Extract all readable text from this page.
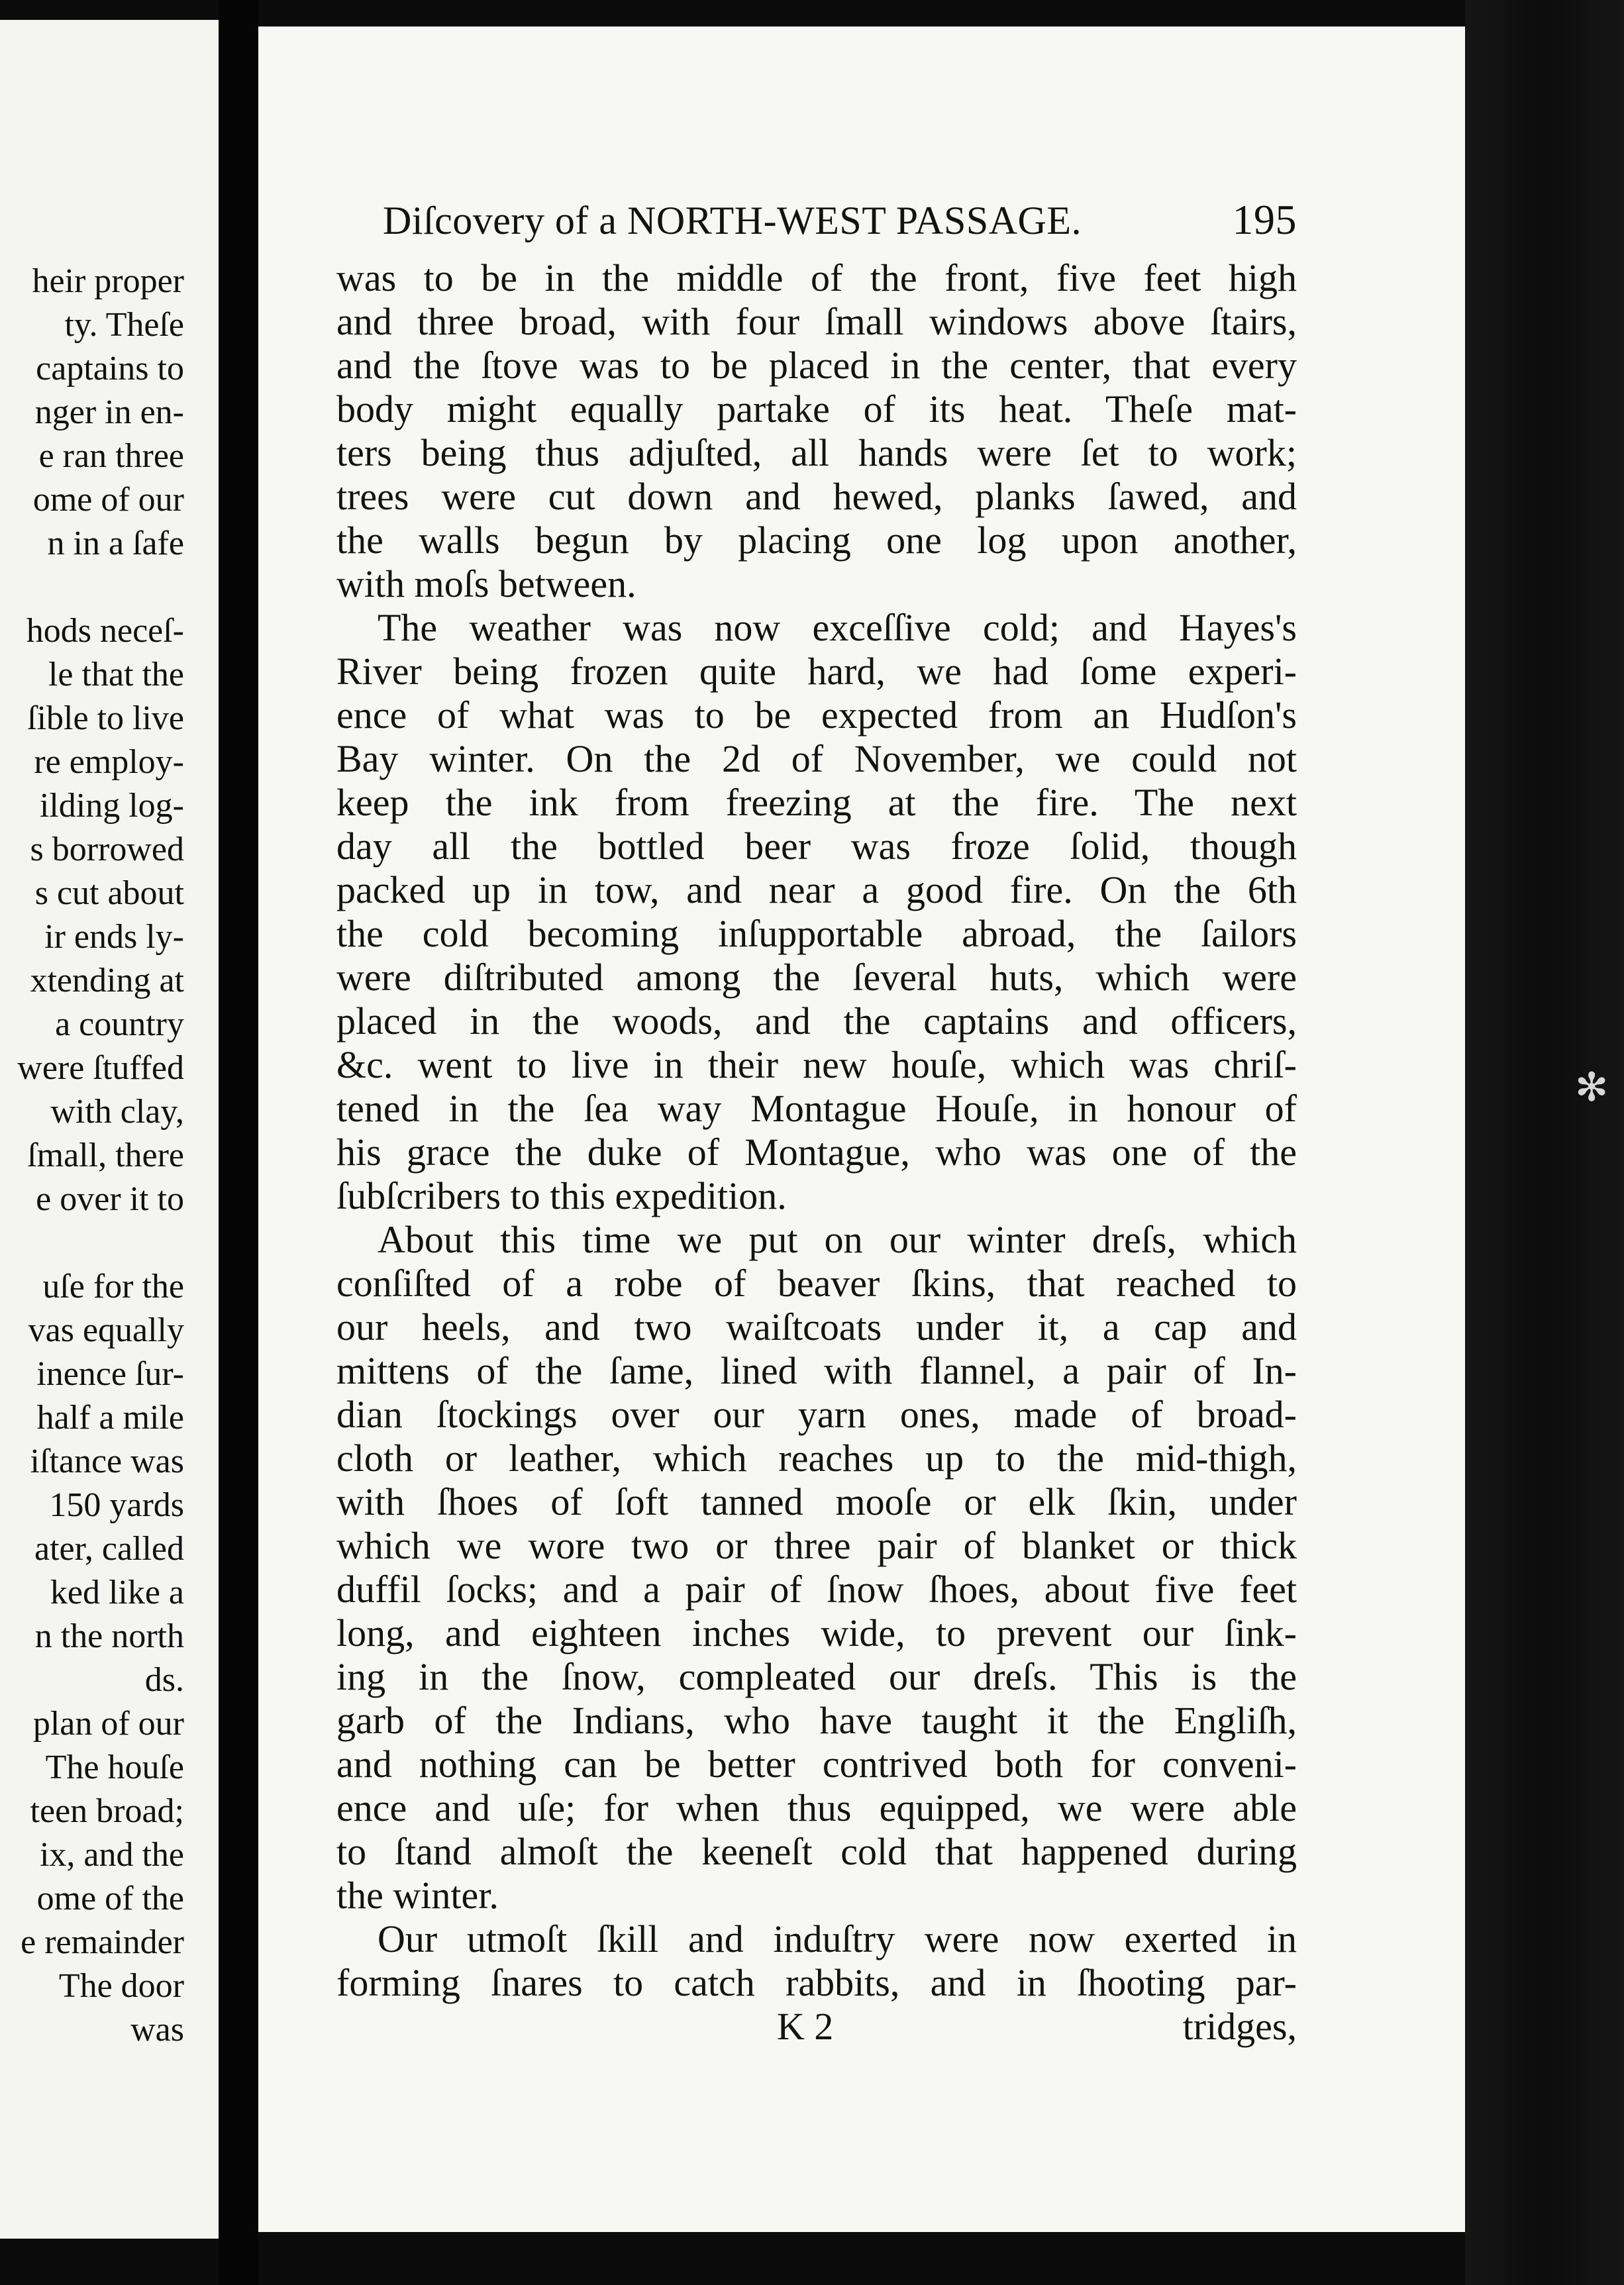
heir proper
ty. Theſe
captains to
nger in en-
e ran three
ome of our
n in a ſafe
hods neceſ-
le that the
ſible to live
re employ-
ilding log-
s borrowed
s cut about
ir ends ly-
xtending at
a country
were ſtuffed
with clay,
ſmall, there
e over it to
uſe for the
vas equally
inence ſur-
half a mile
iſtance was
150 yards
ater, called
ked like a
n the north
ds.
plan of our
The houſe
teen broad;
ix, and the
ome of the
e remainder
The door
was
Diſcovery of a NORTH-WEST PASSAGE.	195
was to be in the middle of the front, five feet high
and three broad, with four ſmall windows above ſtairs,
and the ſtove was to be placed in the center, that every
body might equally partake of its heat. Theſe mat-
ters being thus adjuſted, all hands were ſet to work;
trees were cut down and hewed, planks ſawed, and
the walls begun by placing one log upon another,
with moſs between.
The weather was now exceſſive cold; and Hayes's
River being frozen quite hard, we had ſome experi-
ence of what was to be expected from an Hudſon's
Bay winter. On the 2d of November, we could not
keep the ink from freezing at the fire. The next
day all the bottled beer was froze ſolid, though
packed up in tow, and near a good fire. On the 6th
the cold becoming inſupportable abroad, the ſailors
were diſtributed among the ſeveral huts, which were
placed in the woods, and the captains and officers,
&c. went to live in their new houſe, which was chriſ-
tened in the ſea way Montague Houſe, in honour of
his grace the duke of Montague, who was one of the
ſubſcribers to this expedition.
About this time we put on our winter dreſs, which
conſiſted of a robe of beaver ſkins, that reached to
our heels, and two waiſtcoats under it, a cap and
mittens of the ſame, lined with flannel, a pair of In-
dian ſtockings over our yarn ones, made of broad-
cloth or leather, which reaches up to the mid-thigh,
with ſhoes of ſoft tanned mooſe or elk ſkin, under
which we wore two or three pair of blanket or thick
duffil ſocks; and a pair of ſnow ſhoes, about five feet
long, and eighteen inches wide, to prevent our ſink-
ing in the ſnow, compleated our dreſs. This is the
garb of the Indians, who have taught it the Engliſh,
and nothing can be better contrived both for conveni-
ence and uſe; for when thus equipped, we were able
to ſtand almoſt the keeneſt cold that happened during
the winter.
Our utmoſt ſkill and induſtry were now exerted in
forming ſnares to catch rabbits, and in ſhooting par-
K 2	tridges,
✻
